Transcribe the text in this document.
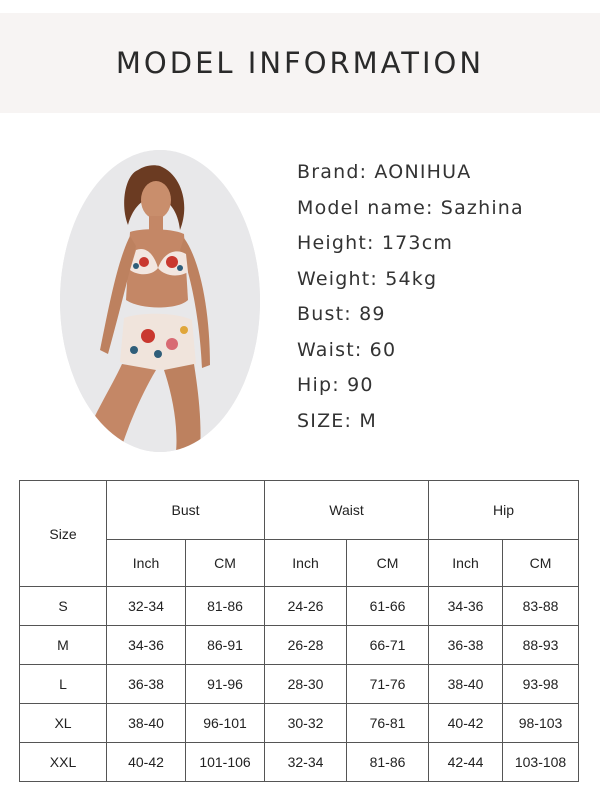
MODEL INFORMATION
Brand: AONIHUA
Model name: Sazhina
Height: 173cm
Weight: 54kg
Bust: 89
Waist: 60
Hip: 90
SIZE: M
Size	Bust		Waist		Hip	
	Inch	CM	Inch	CM	Inch	CM
S	32-34	81-86	24-26	61-66	34-36	83-88
M	34-36	86-91	26-28	66-71	36-38	88-93
L	36-38	91-96	28-30	71-76	38-40	93-98
XL	38-40	96-101	30-32	76-81	40-42	98-103
XXL	40-42	101-106	32-34	81-86	42-44	103-108
